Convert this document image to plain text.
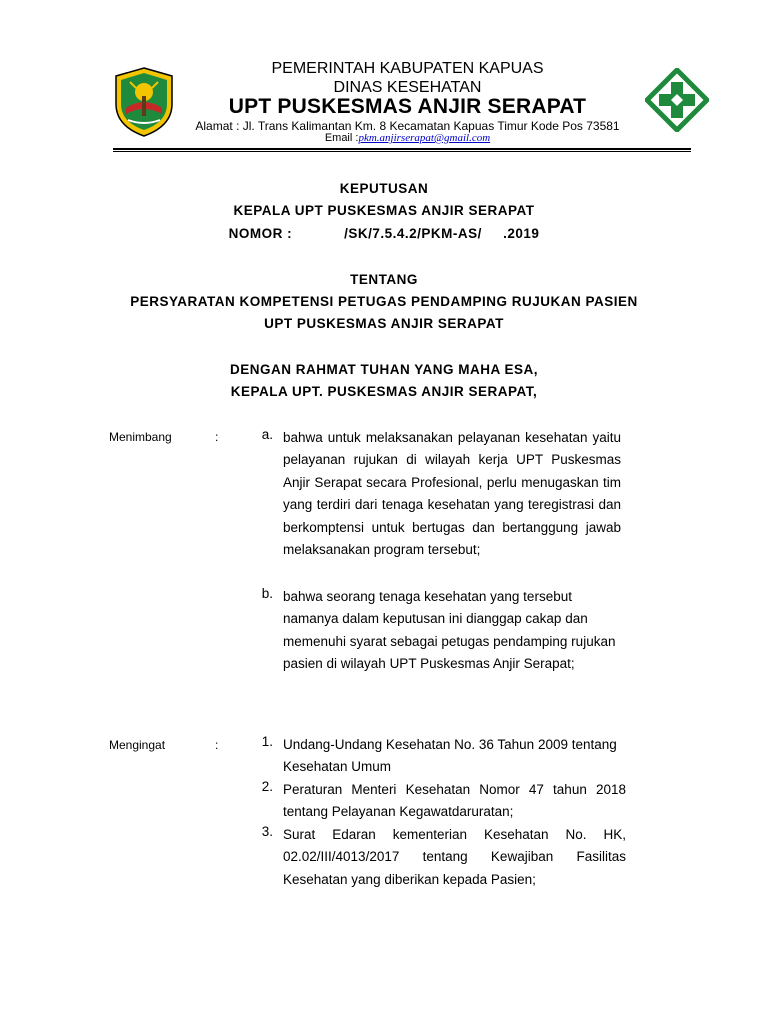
PEMERINTAH KABUPATEN KAPUAS
DINAS KESEHATAN
UPT PUSKESMAS ANJIR SERAPAT
Alamat : Jl. Trans Kalimantan Km. 8 Kecamatan Kapuas Timur Kode Pos 73581
Email :pkm.anjirserapat@gmail.com
KEPUTUSAN
KEPALA UPT PUSKESMAS ANJIR SERAPAT
NOMOR :	/SK/7.5.4.2/PKM-AS/     .2019
TENTANG
PERSYARATAN KOMPETENSI PETUGAS PENDAMPING RUJUKAN PASIEN
UPT PUSKESMAS ANJIR SERAPAT
DENGAN RAHMAT TUHAN YANG MAHA ESA,
KEPALA UPT. PUSKESMAS ANJIR SERAPAT,
Menimbang	:	a. bahwa untuk melaksanakan pelayanan kesehatan yaitu pelayanan rujukan di wilayah kerja UPT Puskesmas Anjir Serapat secara Profesional, perlu menugaskan tim yang terdiri dari tenaga kesehatan yang teregistrasi dan berkomptensi untuk bertugas dan bertanggung jawab melaksanakan program tersebut;
b. bahwa seorang tenaga kesehatan yang tersebut namanya dalam keputusan ini dianggap cakap dan memenuhi syarat sebagai petugas pendamping rujukan pasien di wilayah UPT Puskesmas Anjir Serapat;
Mengingat	:	1. Undang-Undang Kesehatan No. 36 Tahun 2009 tentang Kesehatan Umum
2. Peraturan Menteri Kesehatan Nomor 47 tahun 2018 tentang Pelayanan Kegawatdaruratan;
3. Surat Edaran kementerian Kesehatan No. HK, 02.02/III/4013/2017 tentang Kewajiban Fasilitas Kesehatan yang diberikan kepada Pasien;
